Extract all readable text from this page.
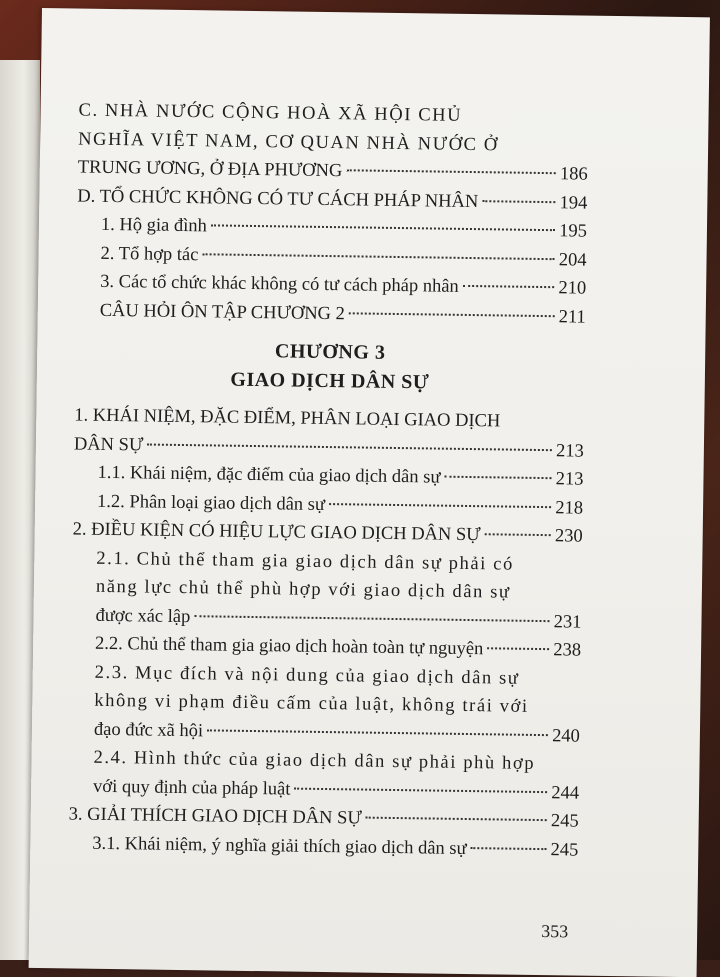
C. NHÀ NƯỚC CỘNG HOÀ XÃ HỘI CHỦ
NGHĨA VIỆT NAM, CƠ QUAN NHÀ NƯỚC Ở
TRUNG ƯƠNG, Ở ĐỊA PHƯƠNG	186
D. TỔ CHỨC KHÔNG CÓ TƯ CÁCH PHÁP NHÂN	194
1. Hộ gia đình	195
2. Tổ hợp tác	204
3. Các tổ chức khác không có tư cách pháp nhân	210
CÂU HỎI ÔN TẬP CHƯƠNG 2	211
CHƯƠNG 3
GIAO DỊCH DÂN SỰ
1. KHÁI NIỆM, ĐẶC ĐIỂM, PHÂN LOẠI GIAO DỊCH
DÂN SỰ	213
1.1. Khái niệm, đặc điểm của giao dịch dân sự	213
1.2. Phân loại giao dịch dân sự	218
2. ĐIỀU KIỆN CÓ HIỆU LỰC GIAO DỊCH DÂN SỰ	230
2.1. Chủ thể tham gia giao dịch dân sự phải có
năng lực chủ thể phù hợp với giao dịch dân sự
được xác lập	231
2.2. Chủ thể tham gia giao dịch hoàn toàn tự nguyện	238
2.3. Mục đích và nội dung của giao dịch dân sự
không vi phạm điều cấm của luật, không trái với
đạo đức xã hội	240
2.4. Hình thức của giao dịch dân sự phải phù hợp
với quy định của pháp luật	244
3. GIẢI THÍCH GIAO DỊCH DÂN SỰ	245
3.1. Khái niệm, ý nghĩa giải thích giao dịch dân sự	245
353
